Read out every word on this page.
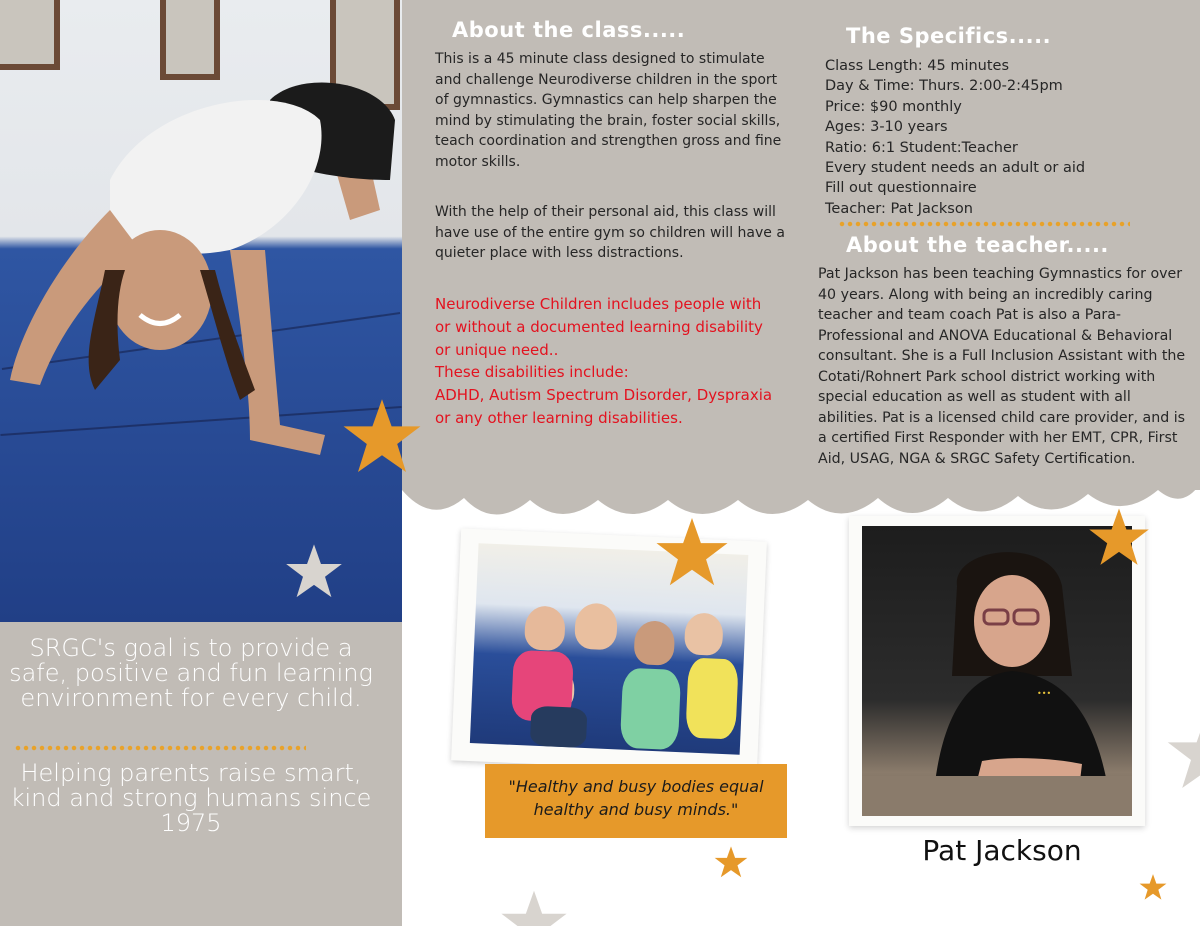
SRGC's goal is to provide a safe, positive and fun learning environment for every child.
Helping parents raise smart, kind and strong humans since 1975
About the class.....

This is a 45 minute class designed to stimulate and challenge Neurodiverse children in the sport of gymnastics. Gymnastics can help sharpen the mind by stimulating the brain, foster social skills, teach coordination and strengthen gross and fine motor skills.

With the help of their personal aid, this class will have use of the entire gym so children will have a quieter place with less distractions.

Neurodiverse Children includes people with or without a documented learning disability or unique need..

These disabilities include:

ADHD, Autism Spectrum Disorder, Dyspraxia or any other learning disabilities.

The Specifics.....
Class Length: 45 minutes
Day & Time: Thurs. 2:00-2:45pm
Price: $90 monthly
Ages: 3-10 years
Ratio: 6:1 Student:Teacher
Every student needs an adult or aid
Fill out questionnaire
Teacher: Pat Jackson
About the teacher.....

Pat Jackson has been teaching Gymnastics for over 40 years. Along with being an incredibly caring teacher and team coach Pat is also a Para-Professional and ANOVA Educational & Behavioral consultant. She is a Full Inclusion Assistant with the Cotati/Rohnert Park school district working with special education as well as student with all abilities. Pat is a licensed child care provider, and is a certified First Responder with her EMT, CPR, First Aid, USAG, NGA & SRGC Safety Certification.

"Healthy and busy bodies equal healthy and busy minds."
•••
Pat Jackson
